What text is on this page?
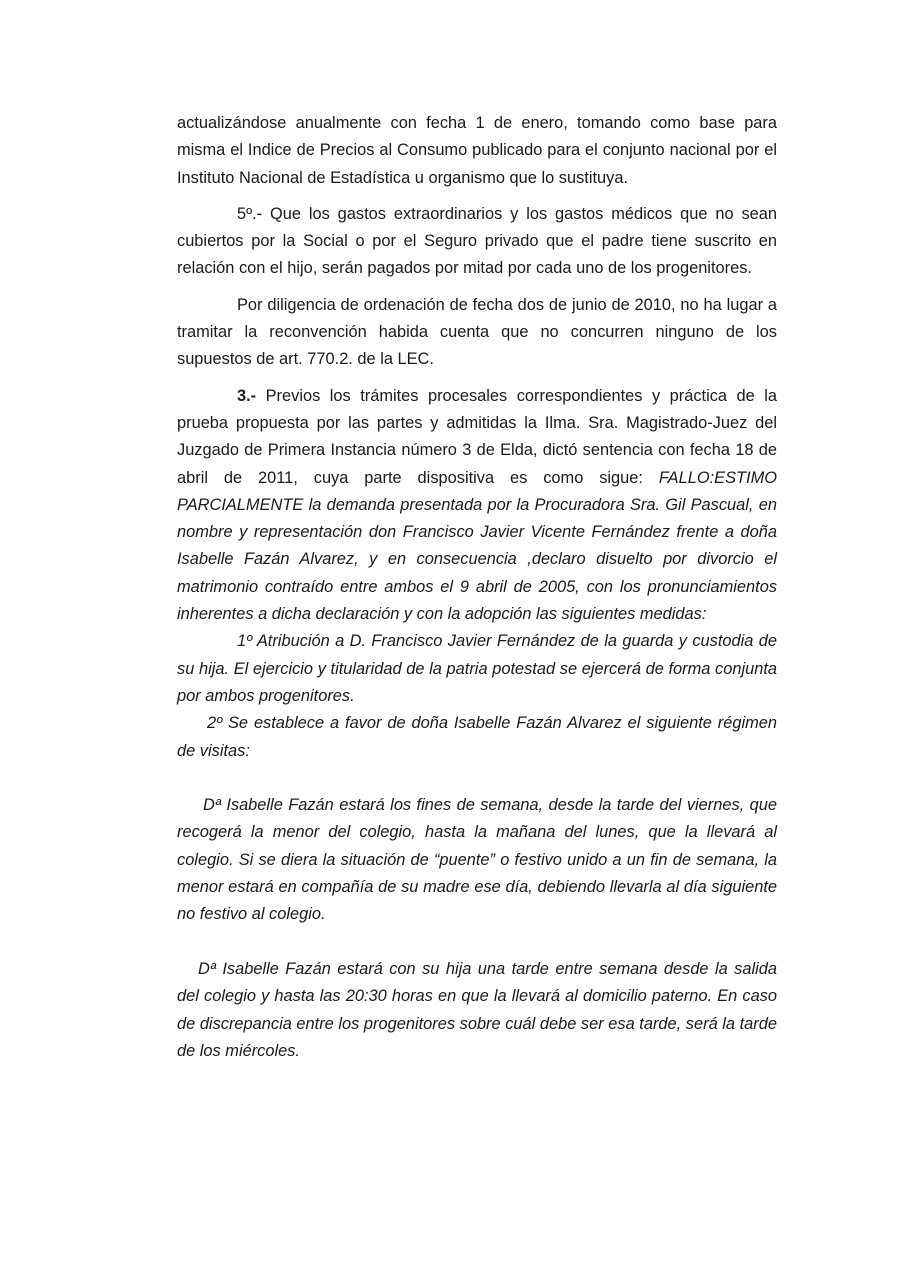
actualizándose anualmente con fecha 1 de enero, tomando como base para misma el Indice de Precios al Consumo publicado para el conjunto nacional por el Instituto Nacional de Estadística u organismo que lo sustituya.

5º.- Que los gastos extraordinarios y los gastos médicos que no sean cubiertos por la Social o por el Seguro privado que el padre tiene suscrito en relación con el hijo, serán pagados por mitad por cada uno de los progenitores.

Por diligencia de ordenación de fecha dos de junio de 2010, no ha lugar a tramitar la reconvención habida cuenta que no concurren ninguno de los supuestos de art. 770.2. de la LEC.

3.- Previos los trámites procesales correspondientes y práctica de la prueba propuesta por las partes y admitidas la Ilma. Sra. Magistrado-Juez del Juzgado de Primera Instancia número 3 de Elda, dictó sentencia con fecha 18 de abril de 2011, cuya parte dispositiva es como sigue: FALLO:ESTIMO PARCIALMENTE la demanda presentada por la Procuradora Sra. Gil Pascual, en nombre y representación don Francisco Javier Vicente Fernández frente a doña Isabelle Fazán Alvarez, y en consecuencia ,declaro disuelto por divorcio el matrimonio contraído entre ambos el 9 abril de 2005, con los pronunciamientos inherentes a dicha declaración y con la adopción las siguientes medidas:

1º Atribución a D. Francisco Javier Fernández de la guarda y custodia de su hija. El ejercicio y titularidad de la patria potestad se ejercerá de forma conjunta por ambos progenitores.

2º Se establece a favor de doña Isabelle Fazán Alvarez el siguiente régimen de visitas:

Dª Isabelle Fazán estará los fines de semana, desde la tarde del viernes, que recogerá la menor del colegio, hasta la mañana del lunes, que la llevará al colegio. Si se diera la situación de “puente” o festivo unido a un fin de semana, la menor estará en compañía de su madre ese día, debiendo llevarla al día siguiente no festivo al colegio.

Dª Isabelle Fazán estará con su hija una tarde entre semana desde la salida del colegio y hasta las 20:30 horas en que la llevará al domicilio paterno. En caso de discrepancia entre los progenitores sobre cuál debe ser esa tarde, será la tarde de los miércoles.
